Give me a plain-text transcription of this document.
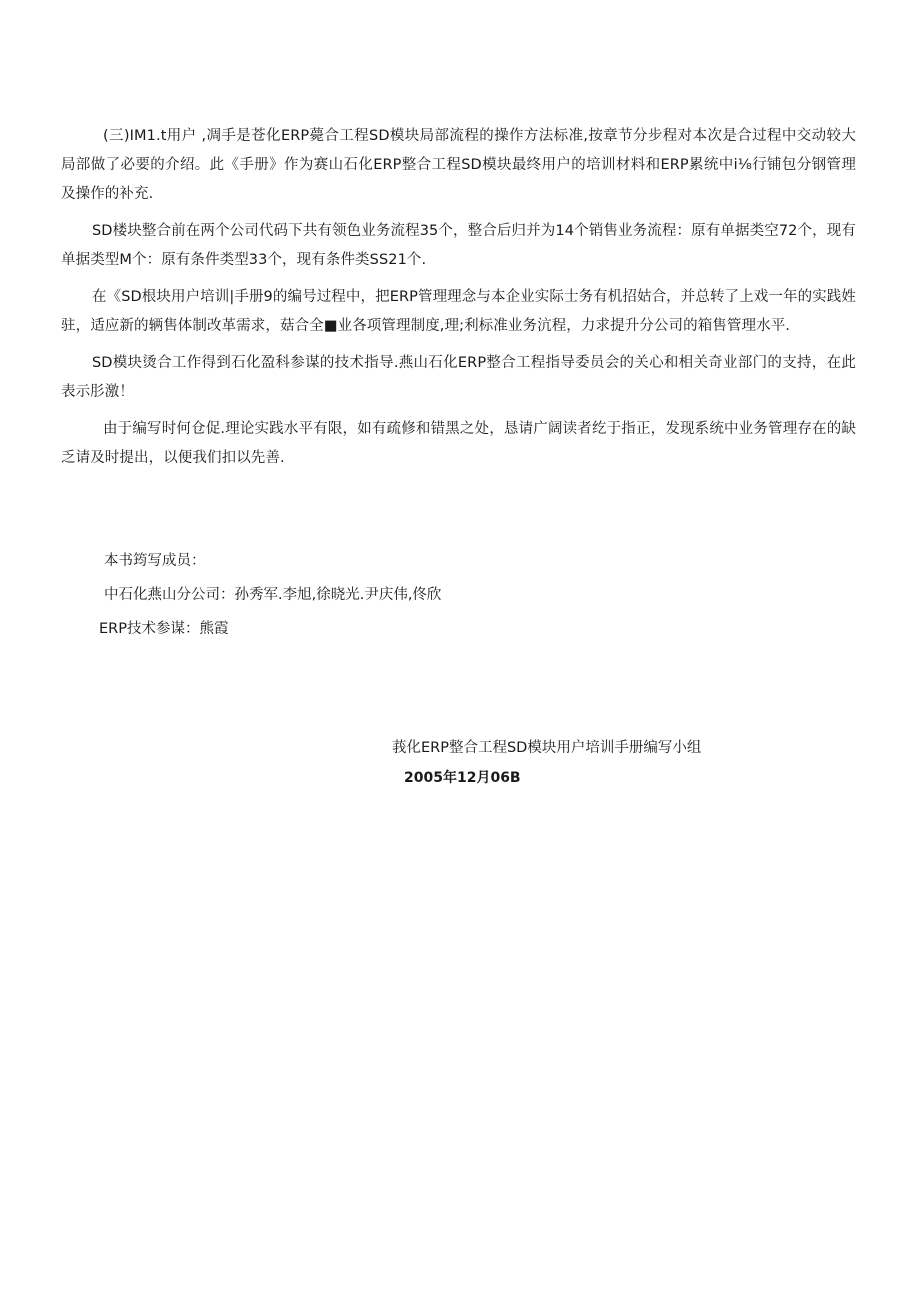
(三)IM1.t用户 ,凋手是苍化ERP薨合工程SD模块局部流程的操作方法标准,按章节分步程对本次是合过程中交动较大局部做了必要的介绍。此《手册》作为赛山石化ERP整合工程SD模块最终用户的培训材料和ERP累统中i⅛行铺包分钢管理及操作的补充.

SD楼块整合前在两个公司代码下共有领色业务流程35个，整合后归并为14个销售业务流程：原有单据类空72个，现有单据类型M个：原有条件类型33个，现有条件类SS21个.

在《SD根块用户培训|手册9的编号过程中，把ERP管理理念与本企业实际士务有机招姑合，并总转了上戏一年的实践姓驻，适应新的辆售体制改革需求，菇合全■业各项管理制度,理;利标准业务沆程，力求提升分公司的箱售管理水平.

SD模块烫合工作得到石化盈科参谋的技术指导.燕山石化ERP整合工程指导委员会的关心和相关奇业部门的支持，在此表示肜激！

由于编写时何仓促.理论实践水平有限，如有疏修和错黑之处，恳请广阔读者纥于指正，发现系统中业务管理存在的缺乏请及时提出，以便我们扣以先善.

本书筠写成员：
中石化燕山分公司：孙秀军.李旭,徐晓光.尹庆伟,佟欣
ERP技术参谋：熊霞
莪化ERP整合工程SD模块用户培训手册编写小组
2005年12月06B
